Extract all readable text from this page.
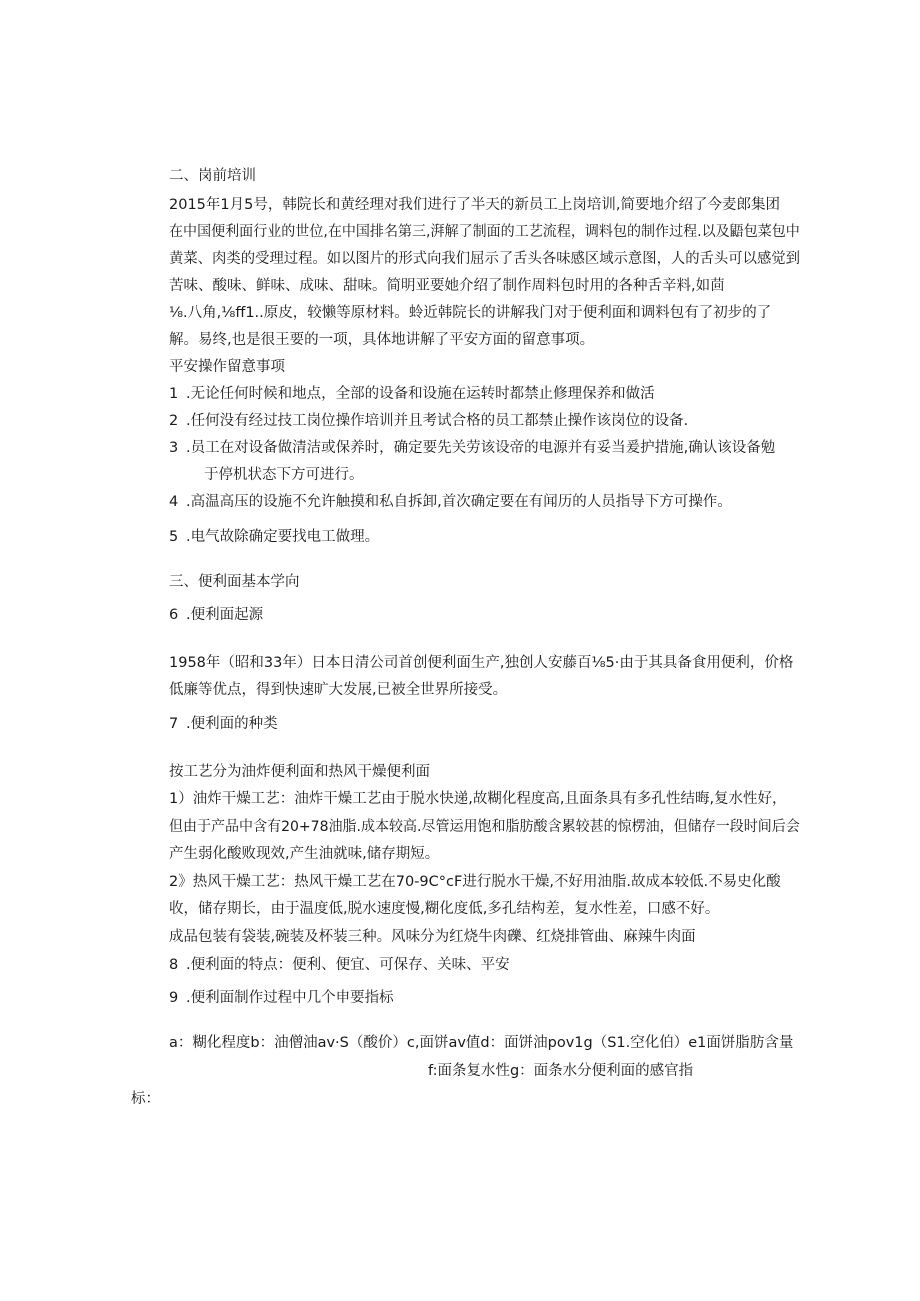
二、岗前培训
2015年1月5号，韩院长和黄经理对我们进行了半天的新员工上岗培训,简要地介绍了今麦郎集团
在中国便利面行业的世位,在中国排名第三,湃解了制面的工艺流程，调料包的制作过程.以及鼯包菜包中
黄菜、肉类的受理过程。如以图片的形式向我们屈示了舌头各味感区域示意图，人的舌头可以感觉到
苦味、酸味、鲜味、成味、甜味。简明亚要她介绍了制作周料包时用的各种舌辛料,如茴
⅛.八角,⅛ff1..原皮，较懒等原材料。蛉近韩院长的讲解我门对于便利面和调料包有了初步的了
解。易终,也是很王要的一项，具体地讲解了平安方面的留意事项。
平安操作留意事项
1 .无论任何时候和地点，全部的设备和设施在运转时都禁止修理保养和做活
2 .任何没有经过技工岗位操作培训并且考试合格的员工都禁止操作该岗位的设备.
3 .员工在对设备做清洁或保养时，确定要先关劳该设帝的电源并有妥当爰护措施,确认该设备勉
于停机状态下方可进行。
4 .高温高压的设施不允许触摸和私自拆卸,首次确定要在有闻历的人员指导下方可操作。
5 .电气故除确定要找电工做理。
三、便利面基本学向
6 .便利面起源
1958年（昭和33年）日本日清公司首创便利面生产,独创人安藤百⅛5·由于其具备食用便利，价格
低廉等优点，得到快速旷大发展,已被全世界所接受。
7 .便利面的种类
按工艺分为油炸便利面和热风干燥便利面
1）油炸干燥工艺：油炸干燥工艺由于脱水快递,故糊化程度高,且面条具有多孔性结晦,复水性好，
但由于产品中含有20+78油脂.成本较高.尽管运用饱和脂肪酸含累较甚的惊楞油，但储存一段时间后会
产生弱化酸败现效,产生油就味,储存期短。
2》热风干燥工艺：热风干燥工艺在70-9C°cF进行脱水干燥,不好用油脂.故成本较低.不易史化酸
收，储存期长，由于温度低,脱水速度慢,糊化度低,多孔结构差，复水性差，口感不好。
成品包装有袋装,碗装及杯装三种。风味分为红烧牛肉礫、红烧排管曲、麻辣牛肉面
8 .便利面的特点：便利、便宜、可保存、关味、平安
9 .便利面制作过程中几个申要指标
a：糊化程度b：油僧油av·S（酸价）c,面饼av值d：面饼油pov1g（S1.空化伯）e1面饼脂肪含量
f:面条复水性g：面条水分便利面的感官指
标：
